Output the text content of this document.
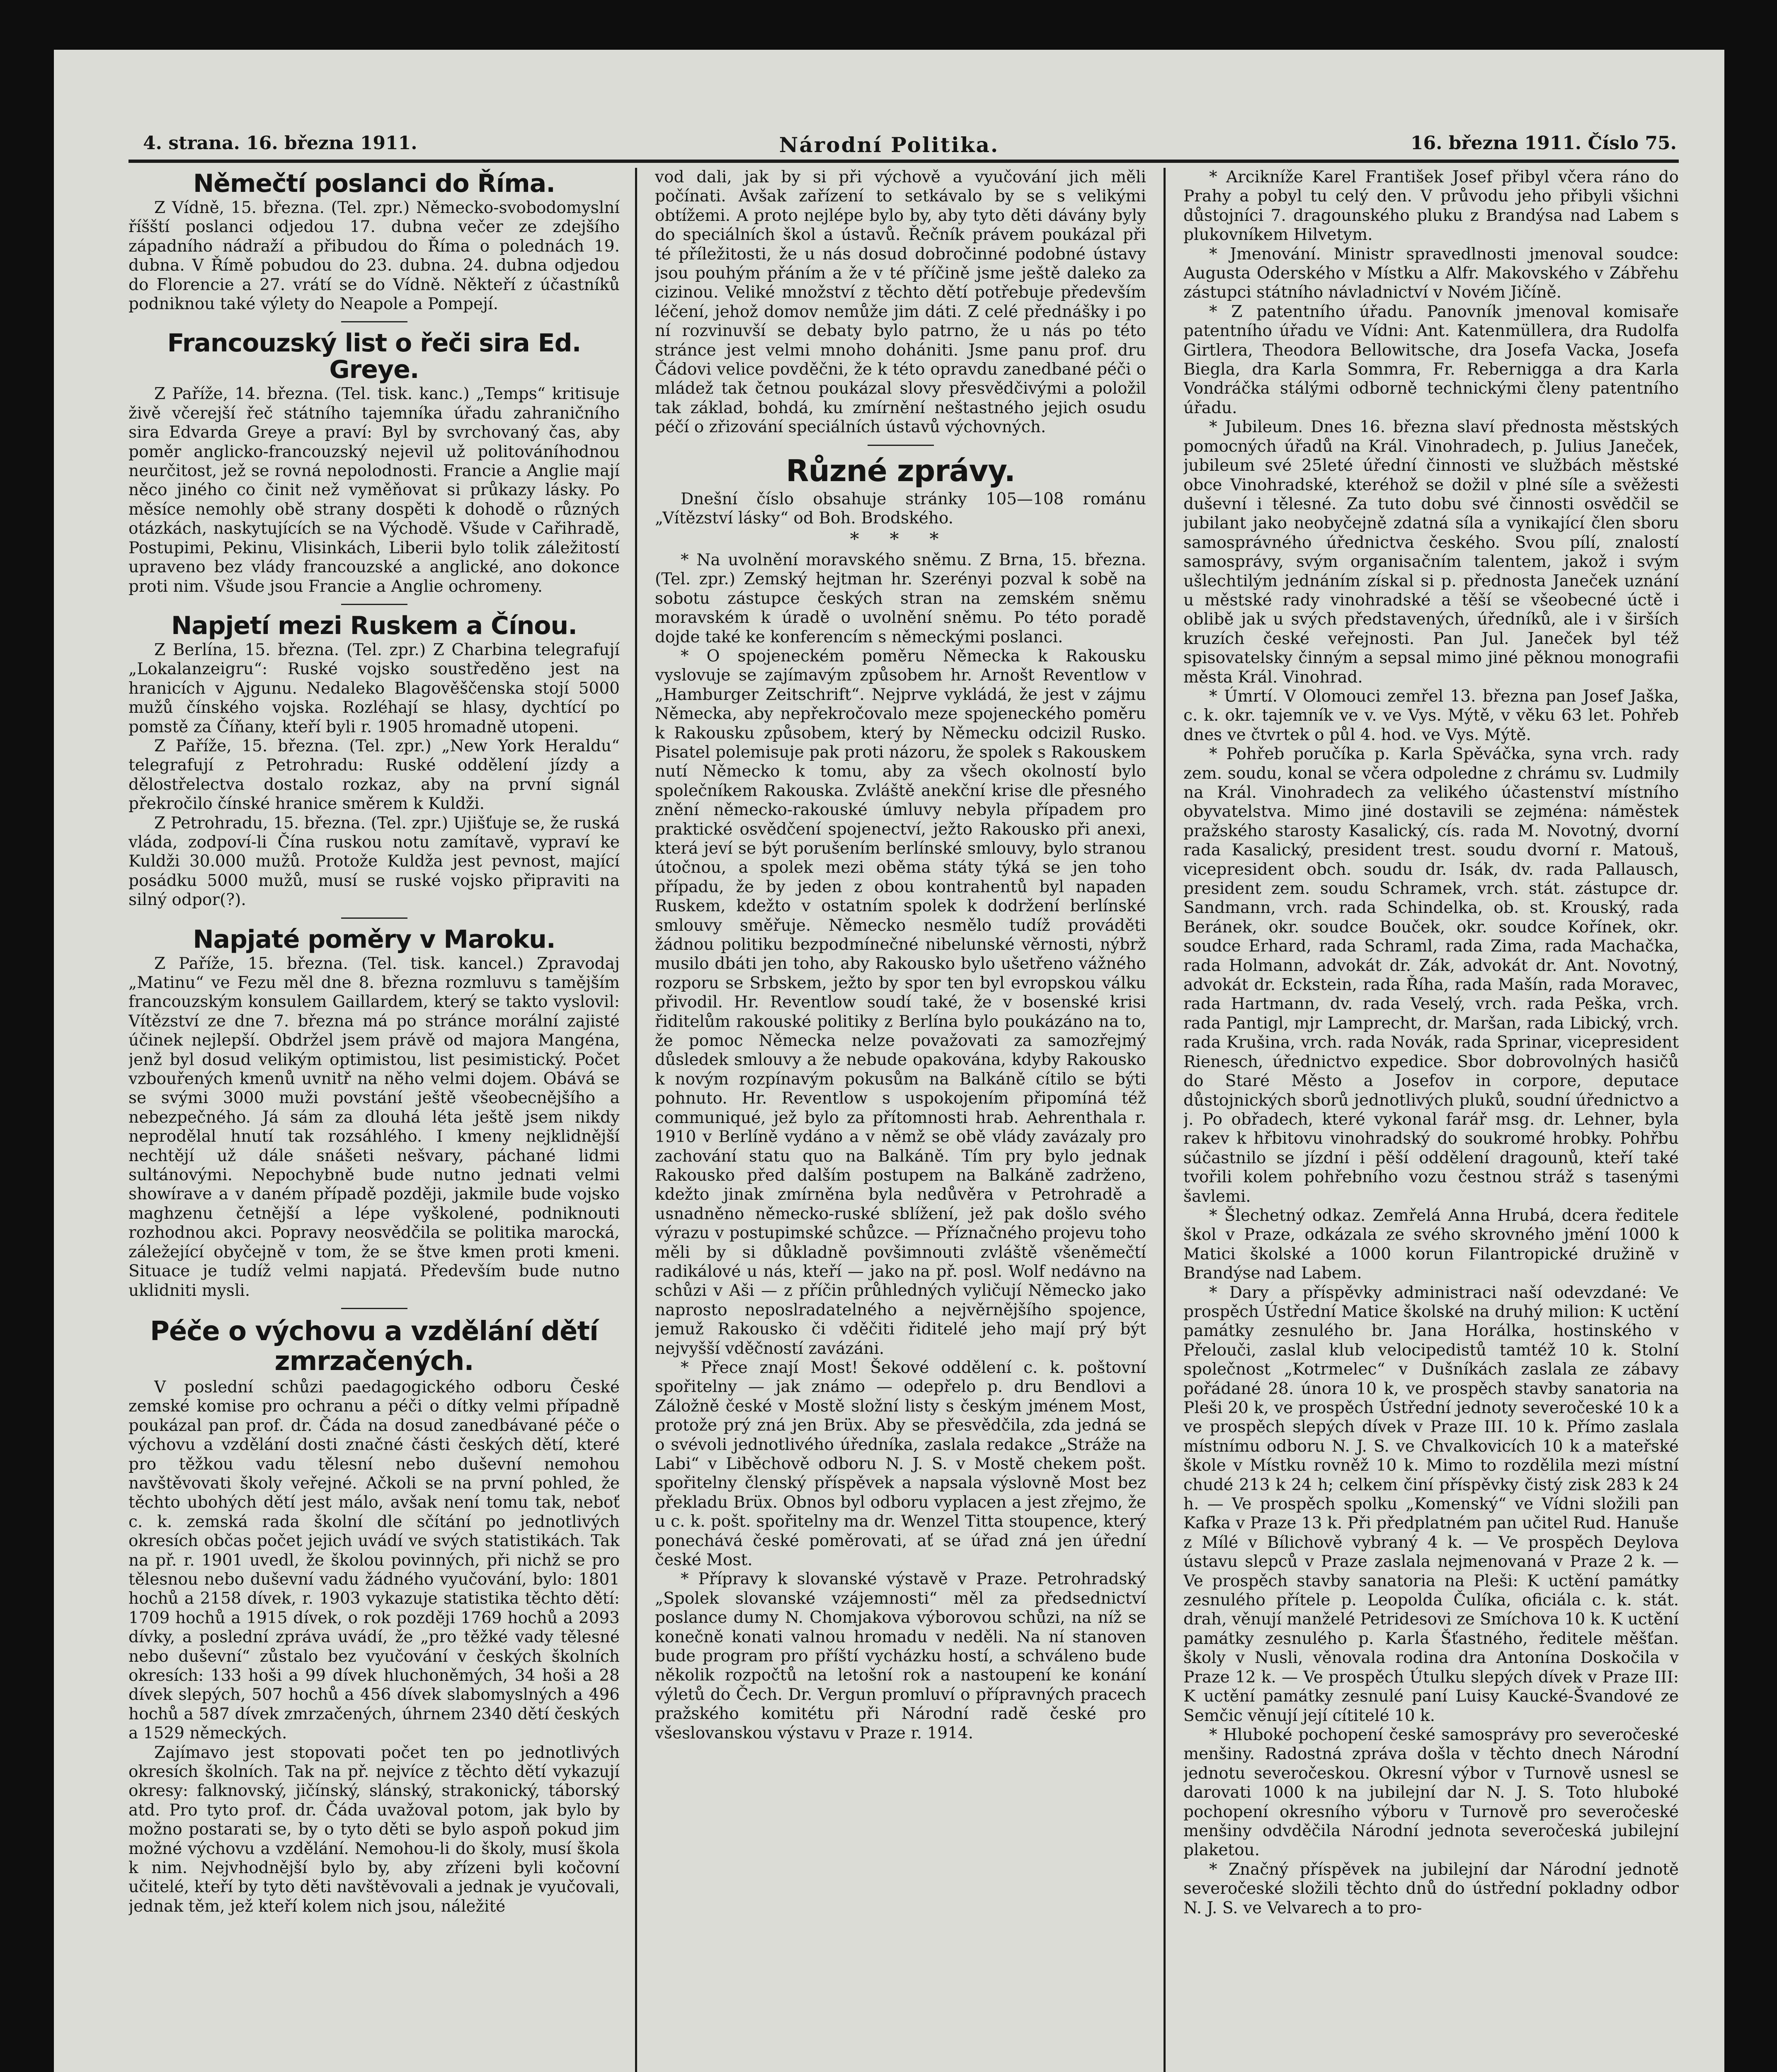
4. strana. 16. března 1911.	Národní Politika.	16. března 1911. Číslo 75.
Němečtí poslanci do Říma.

Z Vídně, 15. března. (Tel. zpr.) Německo-svobodomyslní říšští poslanci odjedou 17. dubna večer ze zdejšího západního nádraží a přibudou do Říma o polednách 19. dubna. V Římě pobudou do 23. dubna. 24. dubna odjedou do Florencie a 27. vrátí se do Vídně. Někteří z účastníků podniknou také výlety do Neapole a Pompejí.

Francouzský list o řeči sira Ed. Greye.

Z Paříže, 14. března. (Tel. tisk. kanc.) „Temps“ kritisuje živě včerejší řeč státního tajemníka úřadu zahraničního sira Edvarda Greye a praví: Byl by svrchovaný čas, aby poměr anglicko-francouzský nejevil už politováníhodnou neurčitost, jež se rovná nepolodnosti. Francie a Anglie mají něco jiného co činit než vyměňovat si průkazy lásky. Po měsíce nemohly obě strany dospěti k dohodě o různých otázkách, naskytujících se na Východě. Všude v Cařihradě, Postupimi, Pekinu, Vlisinkách, Liberii bylo tolik záležitostí upraveno bez vlády francouzské a anglické, ano dokonce proti nim. Všude jsou Francie a Anglie ochromeny.

Napjetí mezi Ruskem a Čínou.

Z Berlína, 15. března. (Tel. zpr.) Z Charbina telegrafují „Lokalanzeigru“: Ruské vojsko soustředěno jest na hranicích v Ajgunu. Nedaleko Blagověščenska stojí 5000 mužů čínského vojska. Rozléhají se hlasy, dychtící po pomstě za Číňany, kteří byli r. 1905 hromadně utopeni.

Z Paříže, 15. března. (Tel. zpr.) „New York Heraldu“ telegrafují z Petrohradu: Ruské oddělení jízdy a dělostřelectva dostalo rozkaz, aby na první signál překročilo čínské hranice směrem k Kuldži.

Z Petrohradu, 15. března. (Tel. zpr.) Ujišťuje se, že ruská vláda, zodpoví-li Čína ruskou notu zamítavě, vypraví ke Kuldži 30.000 mužů. Protože Kuldža jest pevnost, mající posádku 5000 mužů, musí se ruské vojsko připraviti na silný odpor(?).

Napjaté poměry v Maroku.

Z Paříže, 15. března. (Tel. tisk. kancel.) Zpravodaj „Matinu“ ve Fezu měl dne 8. března rozmluvu s tamějším francouzským konsulem Gaillardem, který se takto vyslovil: Vítězství ze dne 7. března má po stránce morální zajisté účinek nejlepší. Obdržel jsem právě od majora Mangéna, jenž byl dosud velikým optimistou, list pesimistický. Počet vzbouřených kmenů uvnitř na něho velmi dojem. Obává se se svými 3000 muži povstání ještě všeobecnějšího a nebezpečného. Já sám za dlouhá léta ještě jsem nikdy neprodělal hnutí tak rozsáhlého. I kmeny nejklidnější nechtějí už dále snášeti nešvary, páchané lidmi sultánovými. Nepochybně bude nutno jednati velmi showírave a v daném případě později, jakmile bude vojsko maghzenu četnější a lépe vyškolené, podniknouti rozhodnou akci. Popravy neosvědčila se politika marocká, záležející obyčejně v tom, že se štve kmen proti kmeni. Situace je tudíž velmi napjatá. Především bude nutno uklidniti mysli.

Péče o výchovu a vzdělání dětí zmrzačených.

V poslední schůzi paedagogického odboru České zemské komise pro ochranu a péči o dítky velmi případně poukázal pan prof. dr. Čáda na dosud zanedbávané péče o výchovu a vzdělání dosti značné části českých dětí, které pro těžkou vadu tělesní nebo duševní nemohou navštěvovati školy veřejné. Ačkoli se na první pohled, že těchto ubohých dětí jest málo, avšak není tomu tak, neboť c. k. zemská rada školní dle sčítání po jednotlivých okresích občas počet jejich uvádí ve svých statistikách. Tak na př. r. 1901 uvedl, že školou povinných, při nichž se pro tělesnou nebo duševní vadu žádného vyučování, bylo: 1801 hochů a 2158 dívek, r. 1903 vykazuje statistika těchto dětí: 1709 hochů a 1915 dívek, o rok později 1769 hochů a 2093 dívky, a poslední zpráva uvádí, že „pro těžké vady tělesné nebo duševní“ zůstalo bez vyučování v českých školních okresích: 133 hoši a 99 dívek hluchoněmých, 34 hoši a 28 dívek slepých, 507 hochů a 456 dívek slabomyslných a 496 hochů a 587 dívek zmrzačených, úhrnem 2340 dětí českých a 1529 německých.

Zajímavo jest stopovati počet ten po jednotlivých okresích školních. Tak na př. nejvíce z těchto dětí vykazují okresy: falknovský, jičínský, slánský, strakonický, táborský atd. Pro tyto prof. dr. Čáda uvažoval potom, jak bylo by možno postarati se, by o tyto děti se bylo aspoň pokud jim možné výchovu a vzdělání. Nemohou-li do školy, musí škola k nim. Nejvhodnější bylo by, aby zřízeni byli kočovní učitelé, kteří by tyto děti navštěvovali a jednak je vyučovali, jednak těm, jež kteří kolem nich jsou, náležité

vod dali, jak by si při výchově a vyučování jich měli počínati. Avšak zařízení to setkávalo by se s velikými obtížemi. A proto nejlépe bylo by, aby tyto děti dávány byly do speciálních škol a ústavů. Řečník právem poukázal při té příležitosti, že u nás dosud dobročinné podobné ústavy jsou pouhým přáním a že v té příčině jsme ještě daleko za cizinou. Veliké množství z těchto dětí potřebuje především léčení, jehož domov nemůže jim dáti. Z celé přednášky i po ní rozvinuvší se debaty bylo patrno, že u nás po této stránce jest velmi mnoho dohániti. Jsme panu prof. dru Čádovi velice povděčni, že k této opravdu zanedbané péči o mládež tak četnou poukázal slovy přesvědčivými a položil tak základ, bohdá, ku zmírnění neštastného jejich osudu péčí o zřizování speciálních ústavů výchovných.

Různé zprávy.

Dnešní číslo obsahuje stránky 105—108 románu „Vítězství lásky“ od Boh. Brodského.

* * *

* Na uvolnění moravského sněmu. Z Brna, 15. března. (Tel. zpr.) Zemský hejtman hr. Szerényi pozval k sobě na sobotu zástupce českých stran na zemském sněmu moravském k úradě o uvolnění sněmu. Po této poradě dojde také ke konferencím s německými poslanci.

* O spojeneckém poměru Německa k Rakousku vyslovuje se zajímavým způsobem hr. Arnošt Reventlow v „Hamburger Zeitschrift“. Nejprve vykládá, že jest v zájmu Německa, aby nepřekročovalo meze spojeneckého poměru k Rakousku způsobem, který by Německu odcizil Rusko. Pisatel polemisuje pak proti názoru, že spolek s Rakouskem nutí Německo k tomu, aby za všech okolností bylo společníkem Rakouska. Zvláště anekční krise dle přesného znění německo-rakouské úmluvy nebyla případem pro praktické osvědčení spojenectví, ježto Rakousko při anexi, která jeví se být porušením berlínské smlouvy, bylo stranou útočnou, a spolek mezi oběma státy týká se jen toho případu, že by jeden z obou kontrahentů byl napaden Ruskem, kdežto v ostatním spolek k dodržení berlínské smlouvy směřuje. Německo nesmělo tudíž prováděti žádnou politiku bezpodmínečné nibelunské věrnosti, nýbrž musilo dbáti jen toho, aby Rakousko bylo ušetřeno vážného rozporu se Srbskem, ježto by spor ten byl evropskou válku přivodil. Hr. Reventlow soudí také, že v bosenské krisi řiditelům rakouské politiky z Berlína bylo poukázáno na to, že pomoc Německa nelze považovati za samozřejmý důsledek smlouvy a že nebude opakována, kdyby Rakousko k novým rozpínavým pokusům na Balkáně cítilo se býti pohnuto. Hr. Reventlow s uspokojením připomíná též communiqué, jež bylo za přítomnosti hrab. Aehrenthala r. 1910 v Berlíně vydáno a v němž se obě vlády zavázaly pro zachování statu quo na Balkáně. Tím pry bylo jednak Rakousko před dalším postupem na Balkáně zadrženo, kdežto jinak zmírněna byla nedůvěra v Petrohradě a usnadněno německo-ruské sblížení, jež pak došlo svého výrazu v postupimské schůzce. — Příznačného projevu toho měli by si důkladně povšimnouti zvláště všeněmečtí radikálové u nás, kteří — jako na př. posl. Wolf nedávno na schůzi v Aši — z příčin průhledných vyličují Německo jako naprosto neposlradatelného a nejvěrnějšího spojence, jemuž Rakousko či vděčiti řiditelé jeho mají prý být nejvyšší vděčností zavázáni.

* Přece znají Most! Šekové oddělení c. k. poštovní spořitelny — jak známo — odepřelo p. dru Bendlovi a Záložně české v Mostě složní listy s českým jménem Most, protože prý zná jen Brüx. Aby se přesvědčila, zda jedná se o svévoli jednotlivého úředníka, zaslala redakce „Stráže na Labi“ v Liběchově odboru N. J. S. v Mostě chekem pošt. spořitelny členský příspěvek a napsala výslovně Most bez překladu Brüx. Obnos byl odboru vyplacen a jest zřejmo, že u c. k. pošt. spořitelny ma dr. Wenzel Titta stoupence, který ponechává české poměrovati, ať se úřad zná jen úřední české Most.

* Přípravy k slovanské výstavě v Praze. Petrohradský „Spolek slovanské vzájemnosti“ měl za předsednictví poslance dumy N. Chomjakova výborovou schůzi, na níž se konečně konati valnou hromadu v neděli. Na ní stanoven bude program pro příští vycházku hostí, a schváleno bude několik rozpočtů na letošní rok a nastoupení ke konání výletů do Čech. Dr. Vergun promluví o přípravných pracech pražského komitétu při Národní radě české pro všeslovanskou výstavu v Praze r. 1914.

* Arcikníže Karel František Josef přibyl včera ráno do Prahy a pobyl tu celý den. V průvodu jeho přibyli všichni důstojníci 7. dragounského pluku z Brandýsa nad Labem s plukovníkem Hilvetym.

* Jmenování. Ministr spravedlnosti jmenoval soudce: Augusta Oderského v Místku a Alfr. Makovského v Zábřehu zástupci státního návladnictví v Novém Jičíně.

* Z patentního úřadu. Panovník jmenoval komisaře patentního úřadu ve Vídni: Ant. Katenmüllera, dra Rudolfa Girtlera, Theodora Bellowitsche, dra Josefa Vacka, Josefa Biegla, dra Karla Sommra, Fr. Rebernigga a dra Karla Vondráčka stálými odborně technickými členy patentního úřadu.

* Jubileum. Dnes 16. března slaví přednosta městských pomocných úřadů na Král. Vinohradech, p. Julius Janeček, jubileum své 25leté úřední činnosti ve službách městské obce Vinohradské, kteréhož se dožil v plné síle a svěžesti duševní i tělesné. Za tuto dobu své činnosti osvědčil se jubilant jako neobyčejně zdatná síla a vynikající člen sboru samosprávného úřednictva českého. Svou pílí, znalostí samosprávy, svým organisačním talentem, jakož i svým ušlechtilým jednáním získal si p. přednosta Janeček uznání u městské rady vinohradské a těší se všeobecné úctě i oblibě jak u svých představených, úředníků, ale i v širších kruzích české veřejnosti. Pan Jul. Janeček byl též spisovatelsky činným a sepsal mimo jiné pěknou monografii města Král. Vinohrad.

* Úmrtí. V Olomouci zemřel 13. března pan Josef Jaška, c. k. okr. tajemník ve v. ve Vys. Mýtě, v věku 63 let. Pohřeb dnes ve čtvrtek o půl 4. hod. ve Vys. Mýtě.

* Pohřeb poručíka p. Karla Spěváčka, syna vrch. rady zem. soudu, konal se včera odpoledne z chrámu sv. Ludmily na Král. Vinohradech za velikého účastenství místního obyvatelstva. Mimo jiné dostavili se zejména: náměstek pražského starosty Kasalický, cís. rada M. Novotný, dvorní rada Kasalický, president trest. soudu dvorní r. Matouš, vicepresident obch. soudu dr. Isák, dv. rada Pallausch, president zem. soudu Schramek, vrch. stát. zástupce dr. Sandmann, vrch. rada Schindelka, ob. st. Krouský, rada Beránek, okr. soudce Bouček, okr. soudce Kořínek, okr. soudce Erhard, rada Schraml, rada Zima, rada Machačka, rada Holmann, advokát dr. Zák, advokát dr. Ant. Novotný, advokát dr. Eckstein, rada Říha, rada Mašín, rada Moravec, rada Hartmann, dv. rada Veselý, vrch. rada Peška, vrch. rada Pantigl, mjr Lamprecht, dr. Maršan, rada Libický, vrch. rada Krušina, vrch. rada Novák, rada Sprinar, vicepresident Rienesch, úřednictvo expedice. Sbor dobrovolných hasičů do Staré Město a Josefov in corpore, deputace důstojnických sborů jednotlivých pluků, soudní úřednictvo a j. Po obřadech, které vykonal farář msg. dr. Lehner, byla rakev k hřbitovu vinohradský do soukromé hrobky. Pohřbu súčastnilo se jízdní i pěší oddělení dragounů, kteří také tvořili kolem pohřebního vozu čestnou stráž s tasenými šavlemi.

* Šlechetný odkaz. Zemřelá Anna Hrubá, dcera ředitele škol v Praze, odkázala ze svého skrovného jmění 1000 k Matici školské a 1000 korun Filantropické družině v Brandýse nad Labem.

* Dary a příspěvky administraci naší odevzdané: Ve prospěch Ústřední Matice školské na druhý milion: K uctění památky zesnulého br. Jana Horálka, hostinského v Přelouči, zaslal klub velocipedistů tamtéž 10 k. Stolní společnost „Kotrmelec“ v Dušníkách zaslala ze zábavy pořádané 28. února 10 k, ve prospěch stavby sanatoria na Pleši 20 k, ve prospěch Ústřední jednoty severočeské 10 k a ve prospěch slepých dívek v Praze III. 10 k. Přímo zaslala místnímu odboru N. J. S. ve Chvalkovicích 10 k a mateřské škole v Místku rovněž 10 k. Mimo to rozdělila mezi místní chudé 213 k 24 h; celkem činí příspěvky čistý zisk 283 k 24 h. — Ve prospěch spolku „Komenský“ ve Vídni složili pan Kafka v Praze 13 k. Při předplatném pan učitel Rud. Hanuše z Mílé v Bílichově vybraný 4 k. — Ve prospěch Deylova ústavu slepců v Praze zaslala nejmenovaná v Praze 2 k. — Ve prospěch stavby sanatoria na Pleši: K uctění památky zesnulého přítele p. Leopolda Čulíka, oficiála c. k. stát. drah, věnují manželé Petridesovi ze Smíchova 10 k. K uctění památky zesnulého p. Karla Šťastného, ředitele měšťan. školy v Nusli, věnovala rodina dra Antonína Doskočila v Praze 12 k. — Ve prospěch Útulku slepých dívek v Praze III: K uctění památky zesnulé paní Luisy Kaucké-Švandové ze Semčic věnují její cítitelé 10 k.

* Hluboké pochopení české samosprávy pro severočeské menšiny. Radostná zpráva došla v těchto dnech Národní jednotu severočeskou. Okresní výbor v Turnově usnesl se darovati 1000 k na jubilejní dar N. J. S. Toto hluboké pochopení okresního výboru v Turnově pro severočeské menšiny odvděčila Národní jednota severočeská jubilejní plaketou.

* Značný příspěvek na jubilejní dar Národní jednotě severočeské složili těchto dnů do ústřední pokladny odbor N. J. S. ve Velvarech a to pro-
